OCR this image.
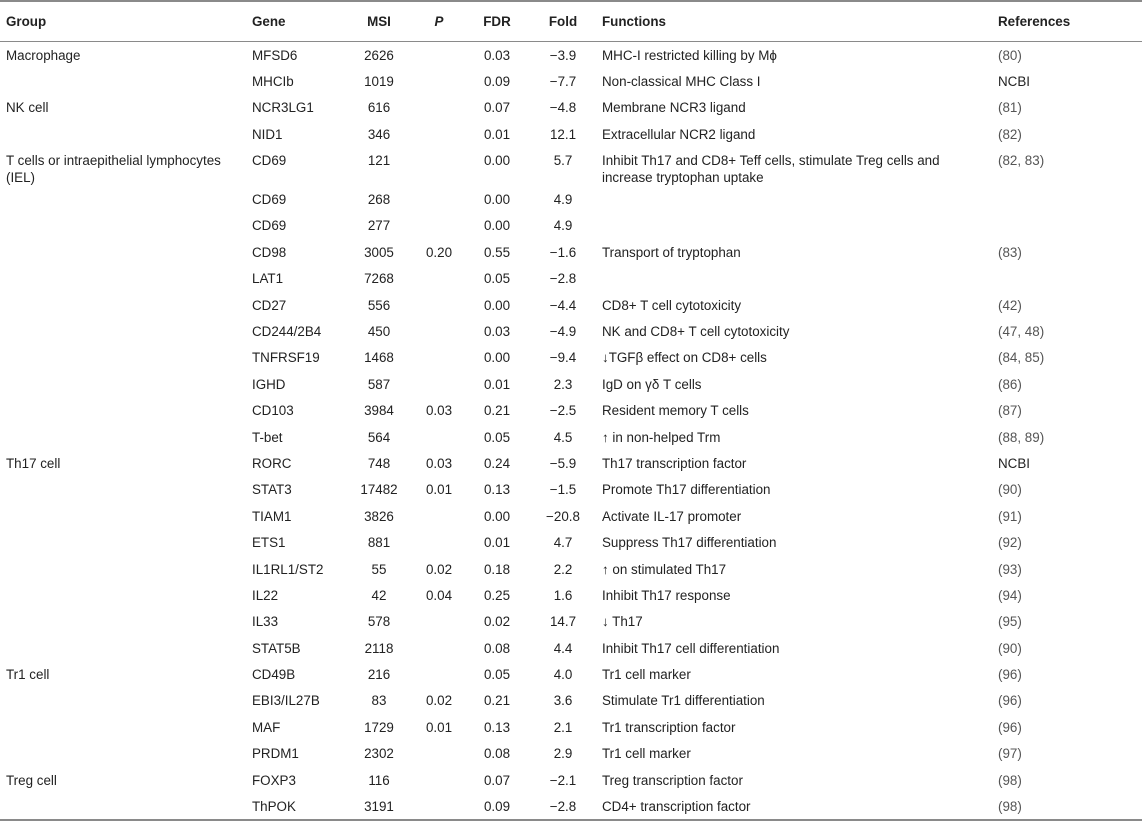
Group	Gene	MSI	P	FDR	Fold	Functions	References
Macrophage	MFSD6	2626		0.03	−3.9	MHC-I restricted killing by Mϕ	(80)
	MHCIb	1019		0.09	−7.7	Non-classical MHC Class I	NCBI
NK cell	NCR3LG1	616		0.07	−4.8	Membrane NCR3 ligand	(81)
	NID1	346		0.01	12.1	Extracellular NCR2 ligand	(82)
T cells or intraepithelial lymphocytes (IEL)	CD69	121		0.00	5.7	Inhibit Th17 and CD8+ Teff cells, stimulate Treg cells and increase tryptophan uptake	(82, 83)
	CD69	268		0.00	4.9		
	CD69	277		0.00	4.9		
	CD98	3005	0.20	0.55	−1.6	Transport of tryptophan	(83)
	LAT1	7268		0.05	−2.8		
	CD27	556		0.00	−4.4	CD8+ T cell cytotoxicity	(42)
	CD244/2B4	450		0.03	−4.9	NK and CD8+ T cell cytotoxicity	(47, 48)
	TNFRSF19	1468		0.00	−9.4	↓TGFβ effect on CD8+ cells	(84, 85)
	IGHD	587		0.01	2.3	IgD on γδ T cells	(86)
	CD103	3984	0.03	0.21	−2.5	Resident memory T cells	(87)
	T-bet	564		0.05	4.5	↑ in non-helped Trm	(88, 89)
Th17 cell	RORC	748	0.03	0.24	−5.9	Th17 transcription factor	NCBI
	STAT3	17482	0.01	0.13	−1.5	Promote Th17 differentiation	(90)
	TIAM1	3826		0.00	−20.8	Activate IL-17 promoter	(91)
	ETS1	881		0.01	4.7	Suppress Th17 differentiation	(92)
	IL1RL1/ST2	55	0.02	0.18	2.2	↑ on stimulated Th17	(93)
	IL22	42	0.04	0.25	1.6	Inhibit Th17 response	(94)
	IL33	578		0.02	14.7	↓ Th17	(95)
	STAT5B	2118		0.08	4.4	Inhibit Th17 cell differentiation	(90)
Tr1 cell	CD49B	216		0.05	4.0	Tr1 cell marker	(96)
	EBI3/IL27B	83	0.02	0.21	3.6	Stimulate Tr1 differentiation	(96)
	MAF	1729	0.01	0.13	2.1	Tr1 transcription factor	(96)
	PRDM1	2302		0.08	2.9	Tr1 cell marker	(97)
Treg cell	FOXP3	116		0.07	−2.1	Treg transcription factor	(98)
	ThPOK	3191		0.09	−2.8	CD4+ transcription factor	(98)
